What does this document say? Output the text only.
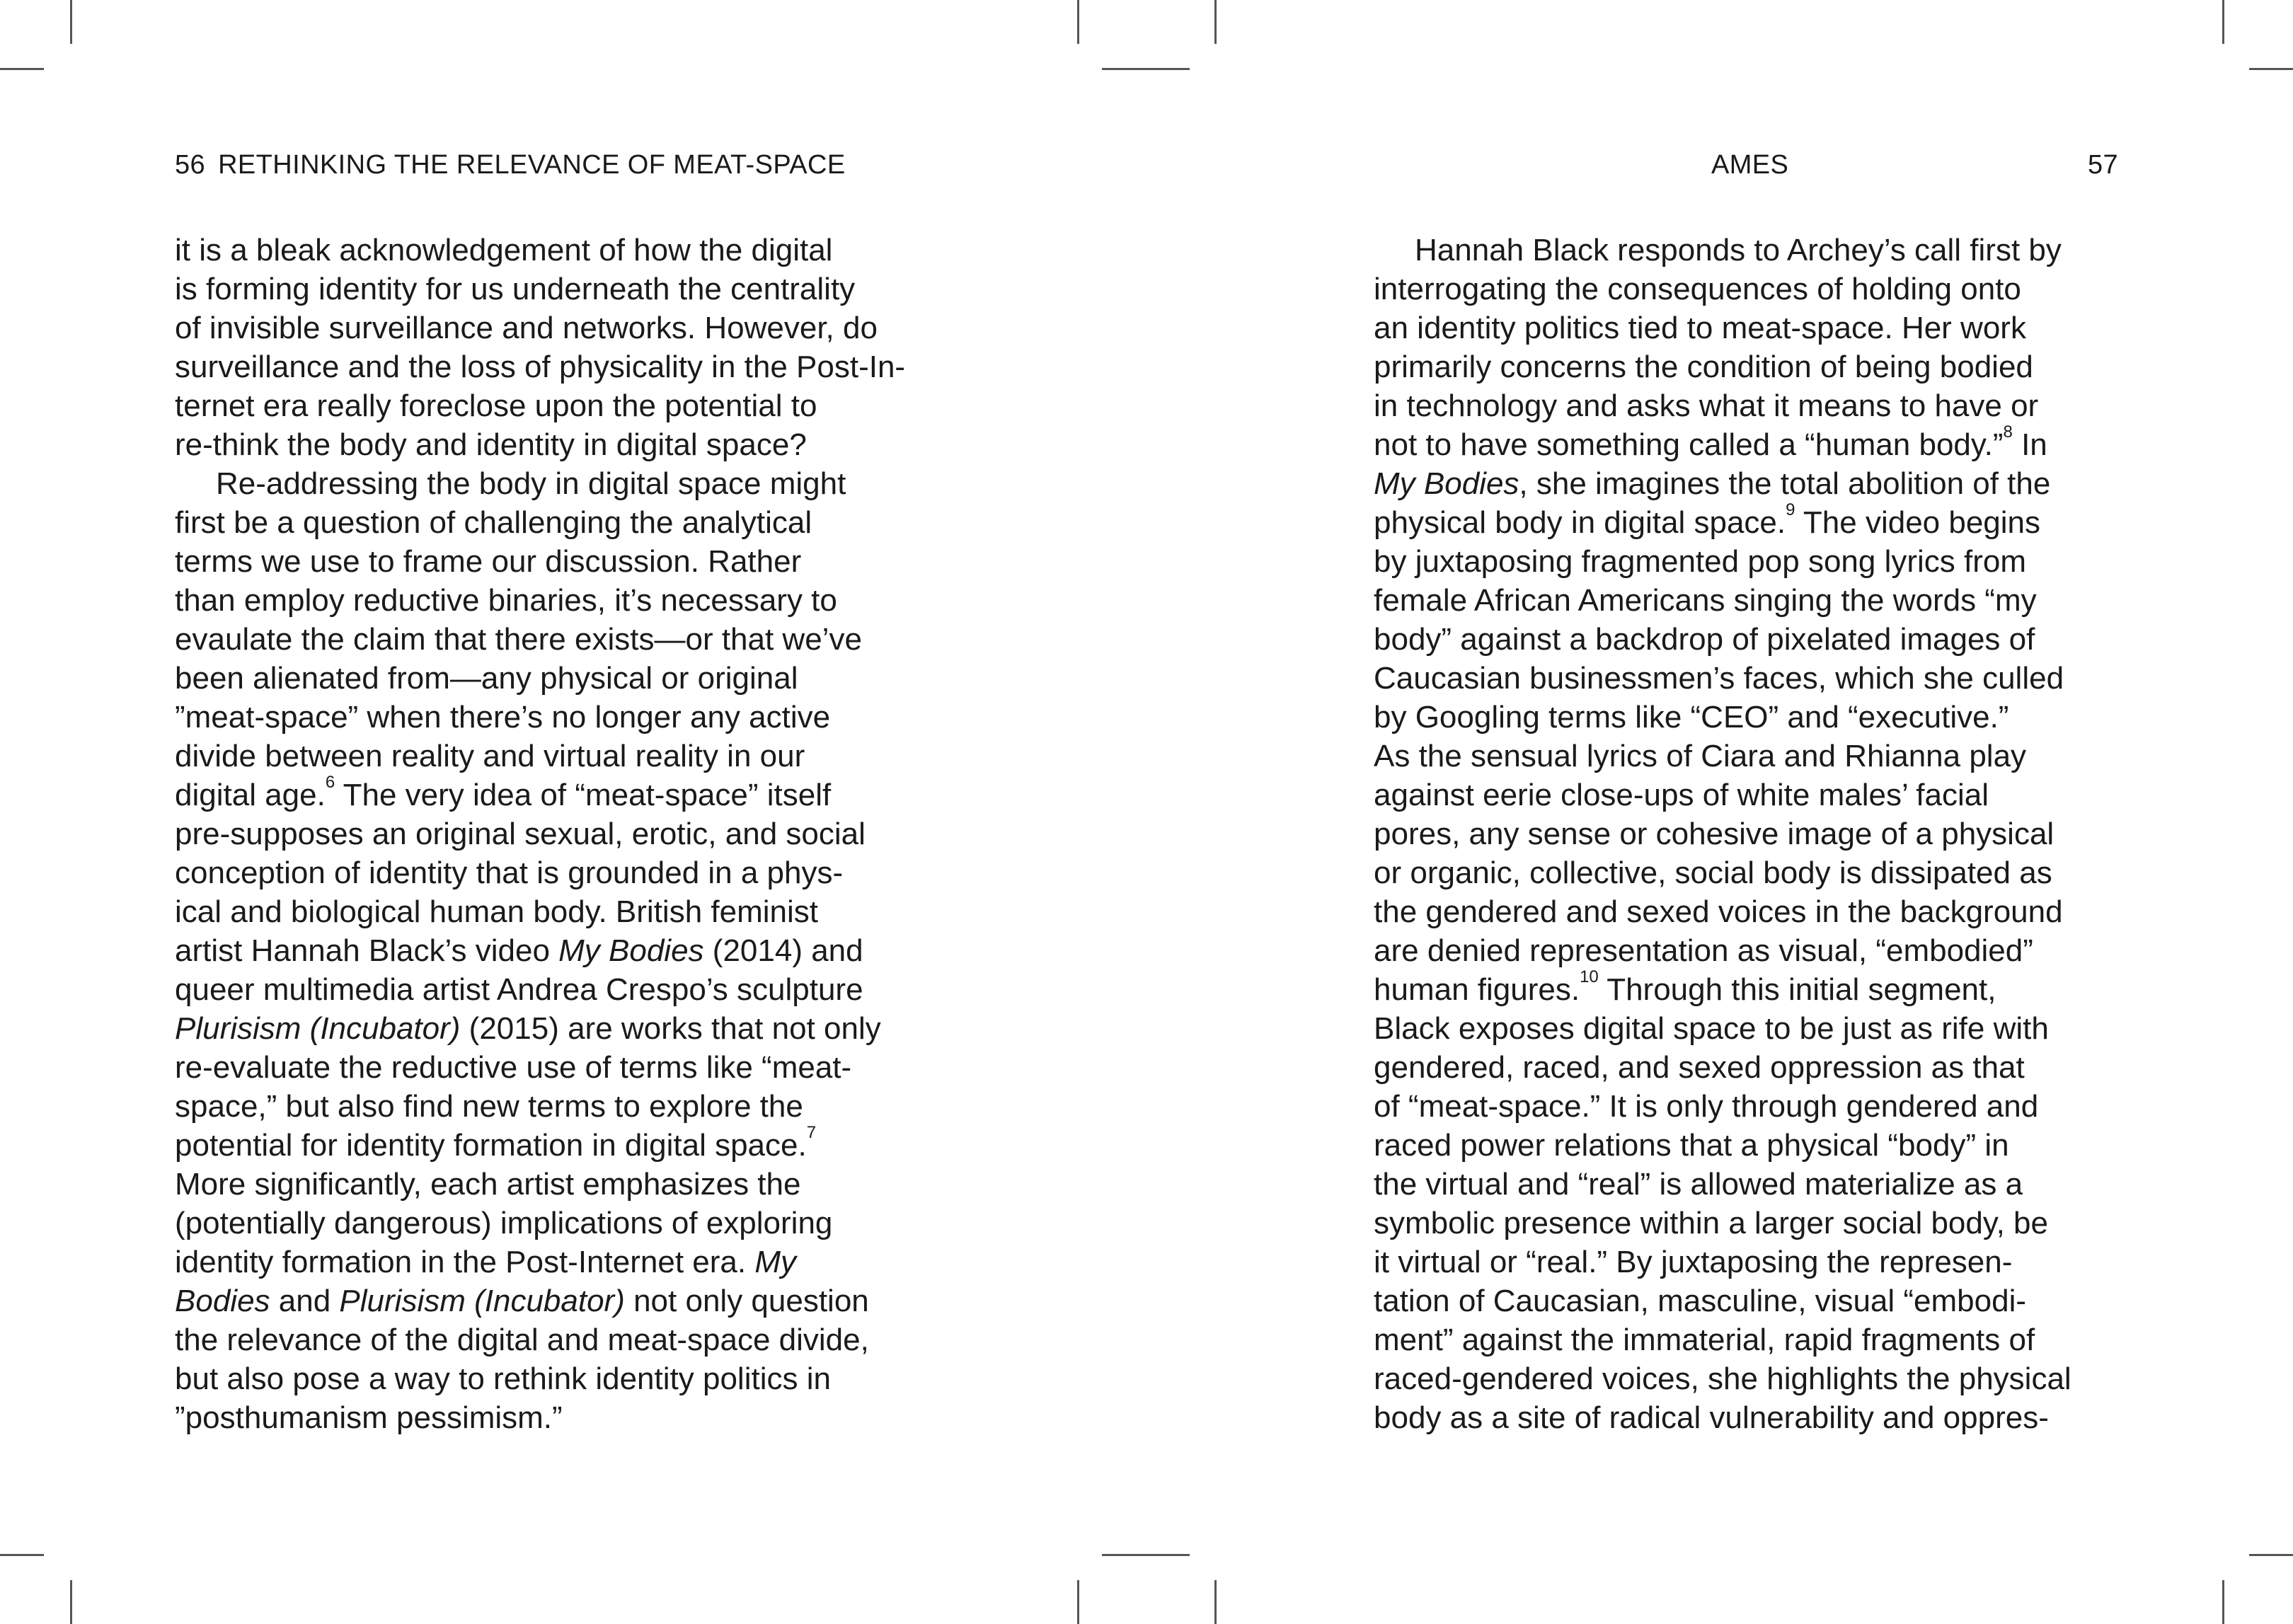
56 RETHINKING THE RELEVANCE OF MEAT-SPACE
it is a bleak acknowledgement of how the digital
is forming identity for us underneath the centrality
of invisible surveillance and networks. However, do
surveillance and the loss of physicality in the Post-In-
ternet era really foreclose upon the potential to
re-think the body and identity in digital space?
Re-addressing the body in digital space might
first be a question of challenging the analytical
terms we use to frame our discussion. Rather
than employ reductive binaries, it’s necessary to
evaulate the claim that there exists—or that we’ve
been alienated from—any physical or original
”meat-space” when there’s no longer any active
divide between reality and virtual reality in our
digital age.$^6$ The very idea of “meat-space” itself
pre-supposes an original sexual, erotic, and social
conception of identity that is grounded in a phys-
ical and biological human body. British feminist
artist Hannah Black’s video My Bodies (2014) and
queer multimedia artist Andrea Crespo’s sculpture
Plurisism (Incubator) (2015) are works that not only
re-evaluate the reductive use of terms like “meat-
space,” but also find new terms to explore the
potential for identity formation in digital space.$^7$
More significantly, each artist emphasizes the
(potentially dangerous) implications of exploring
identity formation in the Post-Internet era. My
Bodies and Plurisism (Incubator) not only question
the relevance of the digital and meat-space divide,
but also pose a way to rethink identity politics in
”posthumanism pessimism.”
AMES	57
Hannah Black responds to Archey’s call first by
interrogating the consequences of holding onto
an identity politics tied to meat-space. Her work
primarily concerns the condition of being bodied
in technology and asks what it means to have or
not to have something called a “human body.”$^8$ In
My Bodies, she imagines the total abolition of the
physical body in digital space.$^9$ The video begins
by juxtaposing fragmented pop song lyrics from
female African Americans singing the words “my
body” against a backdrop of pixelated images of
Caucasian businessmen’s faces, which she culled
by Googling terms like “CEO” and “executive.”
As the sensual lyrics of Ciara and Rhianna play
against eerie close-ups of white males’ facial
pores, any sense or cohesive image of a physical
or organic, collective, social body is dissipated as
the gendered and sexed voices in the background
are denied representation as visual, “embodied”
human figures.$^{10}$ Through this initial segment,
Black exposes digital space to be just as rife with
gendered, raced, and sexed oppression as that
of “meat-space.” It is only through gendered and
raced power relations that a physical “body” in
the virtual and “real” is allowed materialize as a
symbolic presence within a larger social body, be
it virtual or “real.” By juxtaposing the represen-
tation of Caucasian, masculine, visual “embodi-
ment” against the immaterial, rapid fragments of
raced-gendered voices, she highlights the physical
body as a site of radical vulnerability and oppres-
